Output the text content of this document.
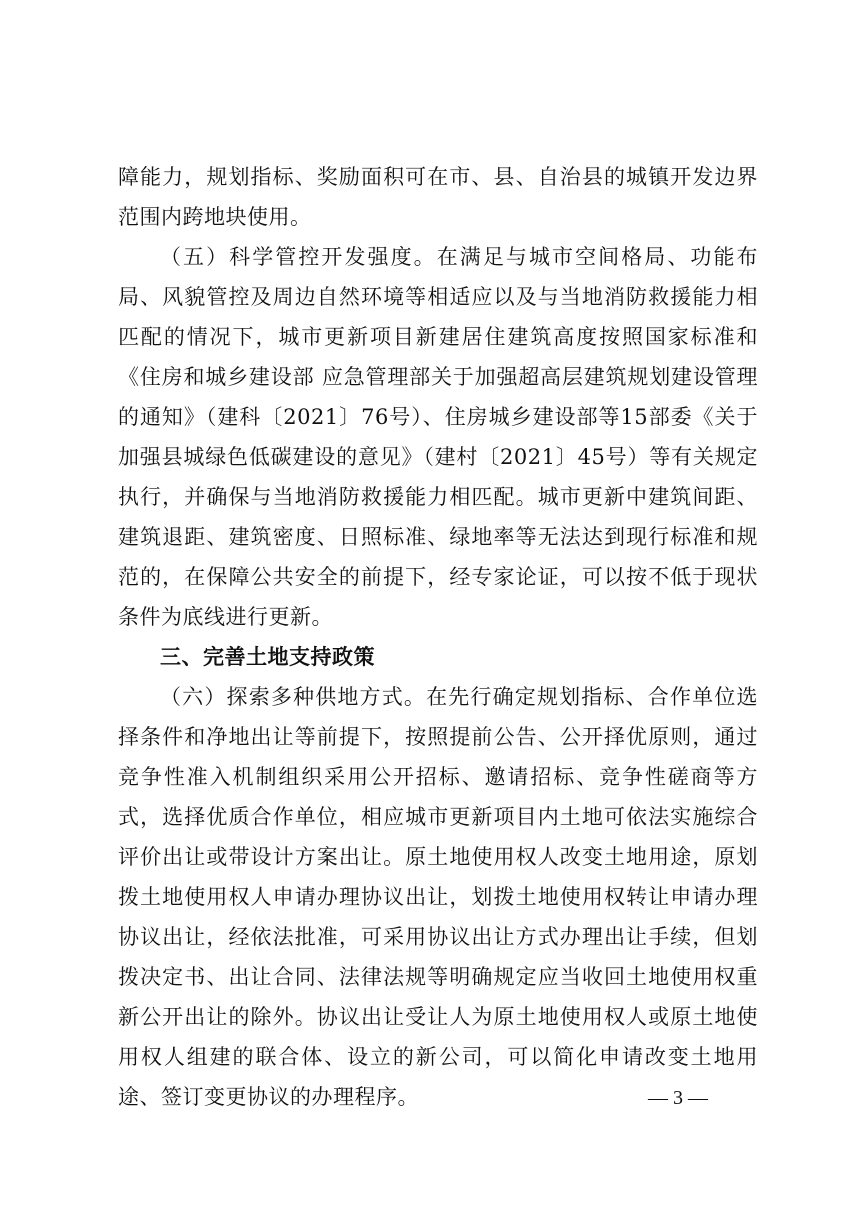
障能力，规划指标、奖励面积可在市、县、自治县的城镇开发边界范围内跨地块使用。

（五）科学管控开发强度。在满足与城市空间格局、功能布局、风貌管控及周边自然环境等相适应以及与当地消防救援能力相匹配的情况下，城市更新项目新建居住建筑高度按照国家标准和《住房和城乡建设部 应急管理部关于加强超高层建筑规划建设管理的通知》（建科〔2021〕76号）、住房城乡建设部等15部委《关于加强县城绿色低碳建设的意见》（建村〔2021〕45号）等有关规定执行，并确保与当地消防救援能力相匹配。城市更新中建筑间距、建筑退距、建筑密度、日照标准、绿地率等无法达到现行标准和规范的，在保障公共安全的前提下，经专家论证，可以按不低于现状条件为底线进行更新。

三、完善土地支持政策

（六）探索多种供地方式。在先行确定规划指标、合作单位选择条件和净地出让等前提下，按照提前公告、公开择优原则，通过竞争性准入机制组织采用公开招标、邀请招标、竞争性磋商等方式，选择优质合作单位，相应城市更新项目内土地可依法实施综合评价出让或带设计方案出让。原土地使用权人改变土地用途，原划拨土地使用权人申请办理协议出让，划拨土地使用权转让申请办理协议出让，经依法批准，可采用协议出让方式办理出让手续，但划拨决定书、出让合同、法律法规等明确规定应当收回土地使用权重新公开出让的除外。协议出让受让人为原土地使用权人或原土地使用权人组建的联合体、设立的新公司，可以简化申请改变土地用途、签订变更协议的办理程序。	— 3 —
